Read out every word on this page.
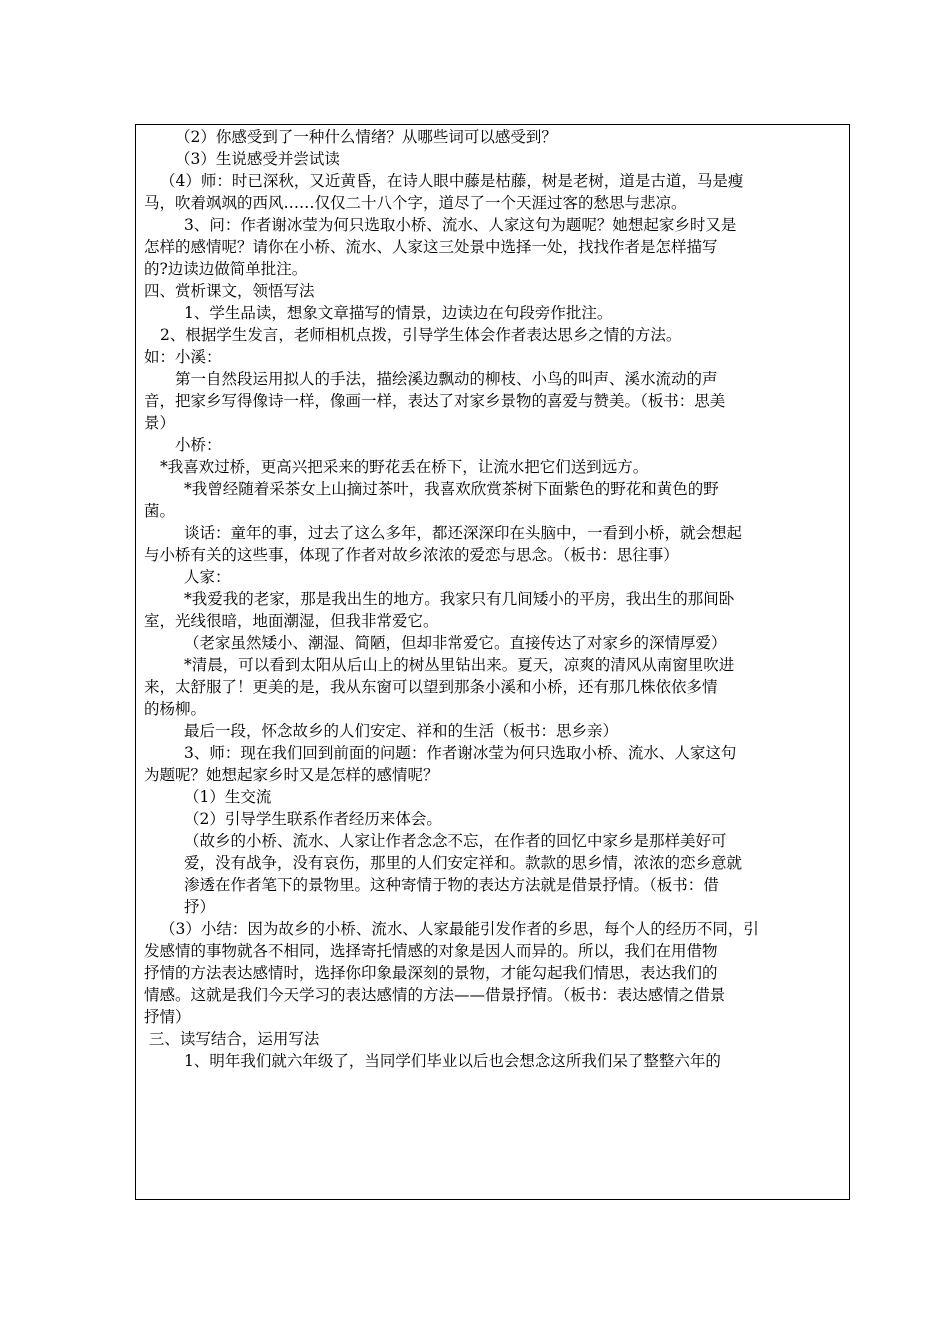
（2）你感受到了一种什么情绪？从哪些词可以感受到？

（3）生说感受并尝试读

（4）师：时已深秋，又近黄昏，在诗人眼中藤是枯藤，树是老树，道是古道，马是瘦

马，吹着飒飒的西风……仅仅二十八个字，道尽了一个天涯过客的愁思与悲凉。

3、问：作者谢冰莹为何只选取小桥、流水、人家这句为题呢？她想起家乡时又是

怎样的感情呢？请你在小桥、流水、人家这三处景中选择一处，找找作者是怎样描写

的?边读边做简单批注。

四、赏析课文，领悟写法

1、学生品读，想象文章描写的情景，边读边在句段旁作批注。

2、根据学生发言，老师相机点拨，引导学生体会作者表达思乡之情的方法。

如：小溪：

第一自然段运用拟人的手法，描绘溪边飘动的柳枝、小鸟的叫声、溪水流动的声

音，把家乡写得像诗一样，像画一样，表达了对家乡景物的喜爱与赞美。（板书：思美

景）

小桥：

*我喜欢过桥，更高兴把采来的野花丢在桥下，让流水把它们送到远方。

*我曾经随着采茶女上山摘过茶叶，我喜欢欣赏茶树下面紫色的野花和黄色的野

菌。

谈话：童年的事，过去了这么多年，都还深深印在头脑中，一看到小桥，就会想起

与小桥有关的这些事，体现了作者对故乡浓浓的爱恋与思念。（板书：思往事）

人家：

*我爱我的老家，那是我出生的地方。我家只有几间矮小的平房，我出生的那间卧

室，光线很暗，地面潮湿，但我非常爱它。

（老家虽然矮小、潮湿、简陋，但却非常爱它。直接传达了对家乡的深情厚爱）

*清晨，可以看到太阳从后山上的树丛里钻出来。夏天，凉爽的清风从南窗里吹进

来，太舒服了！更美的是，我从东窗可以望到那条小溪和小桥，还有那几株依依多情

的杨柳。

最后一段，怀念故乡的人们安定、祥和的生活（板书：思乡亲）

3、师：现在我们回到前面的问题：作者谢冰莹为何只选取小桥、流水、人家这句

为题呢？她想起家乡时又是怎样的感情呢？

（1）生交流

（2）引导学生联系作者经历来体会。

（故乡的小桥、流水、人家让作者念念不忘，在作者的回忆中家乡是那样美好可

爱，没有战争，没有哀伤，那里的人们安定祥和。款款的思乡情，浓浓的恋乡意就

渗透在作者笔下的景物里。这种寄情于物的表达方法就是借景抒情。（板书：借

抒）

（3）小结：因为故乡的小桥、流水、人家最能引发作者的乡思，每个人的经历不同，引

发感情的事物就各不相同，选择寄托情感的对象是因人而异的。所以，我们在用借物

抒情的方法表达感情时，选择你印象最深刻的景物，才能勾起我们情思，表达我们的

情感。这就是我们今天学习的表达感情的方法——借景抒情。（板书：表达感情之借景

抒情）

三、读写结合，运用写法

1、明年我们就六年级了，当同学们毕业以后也会想念这所我们呆了整整六年的
